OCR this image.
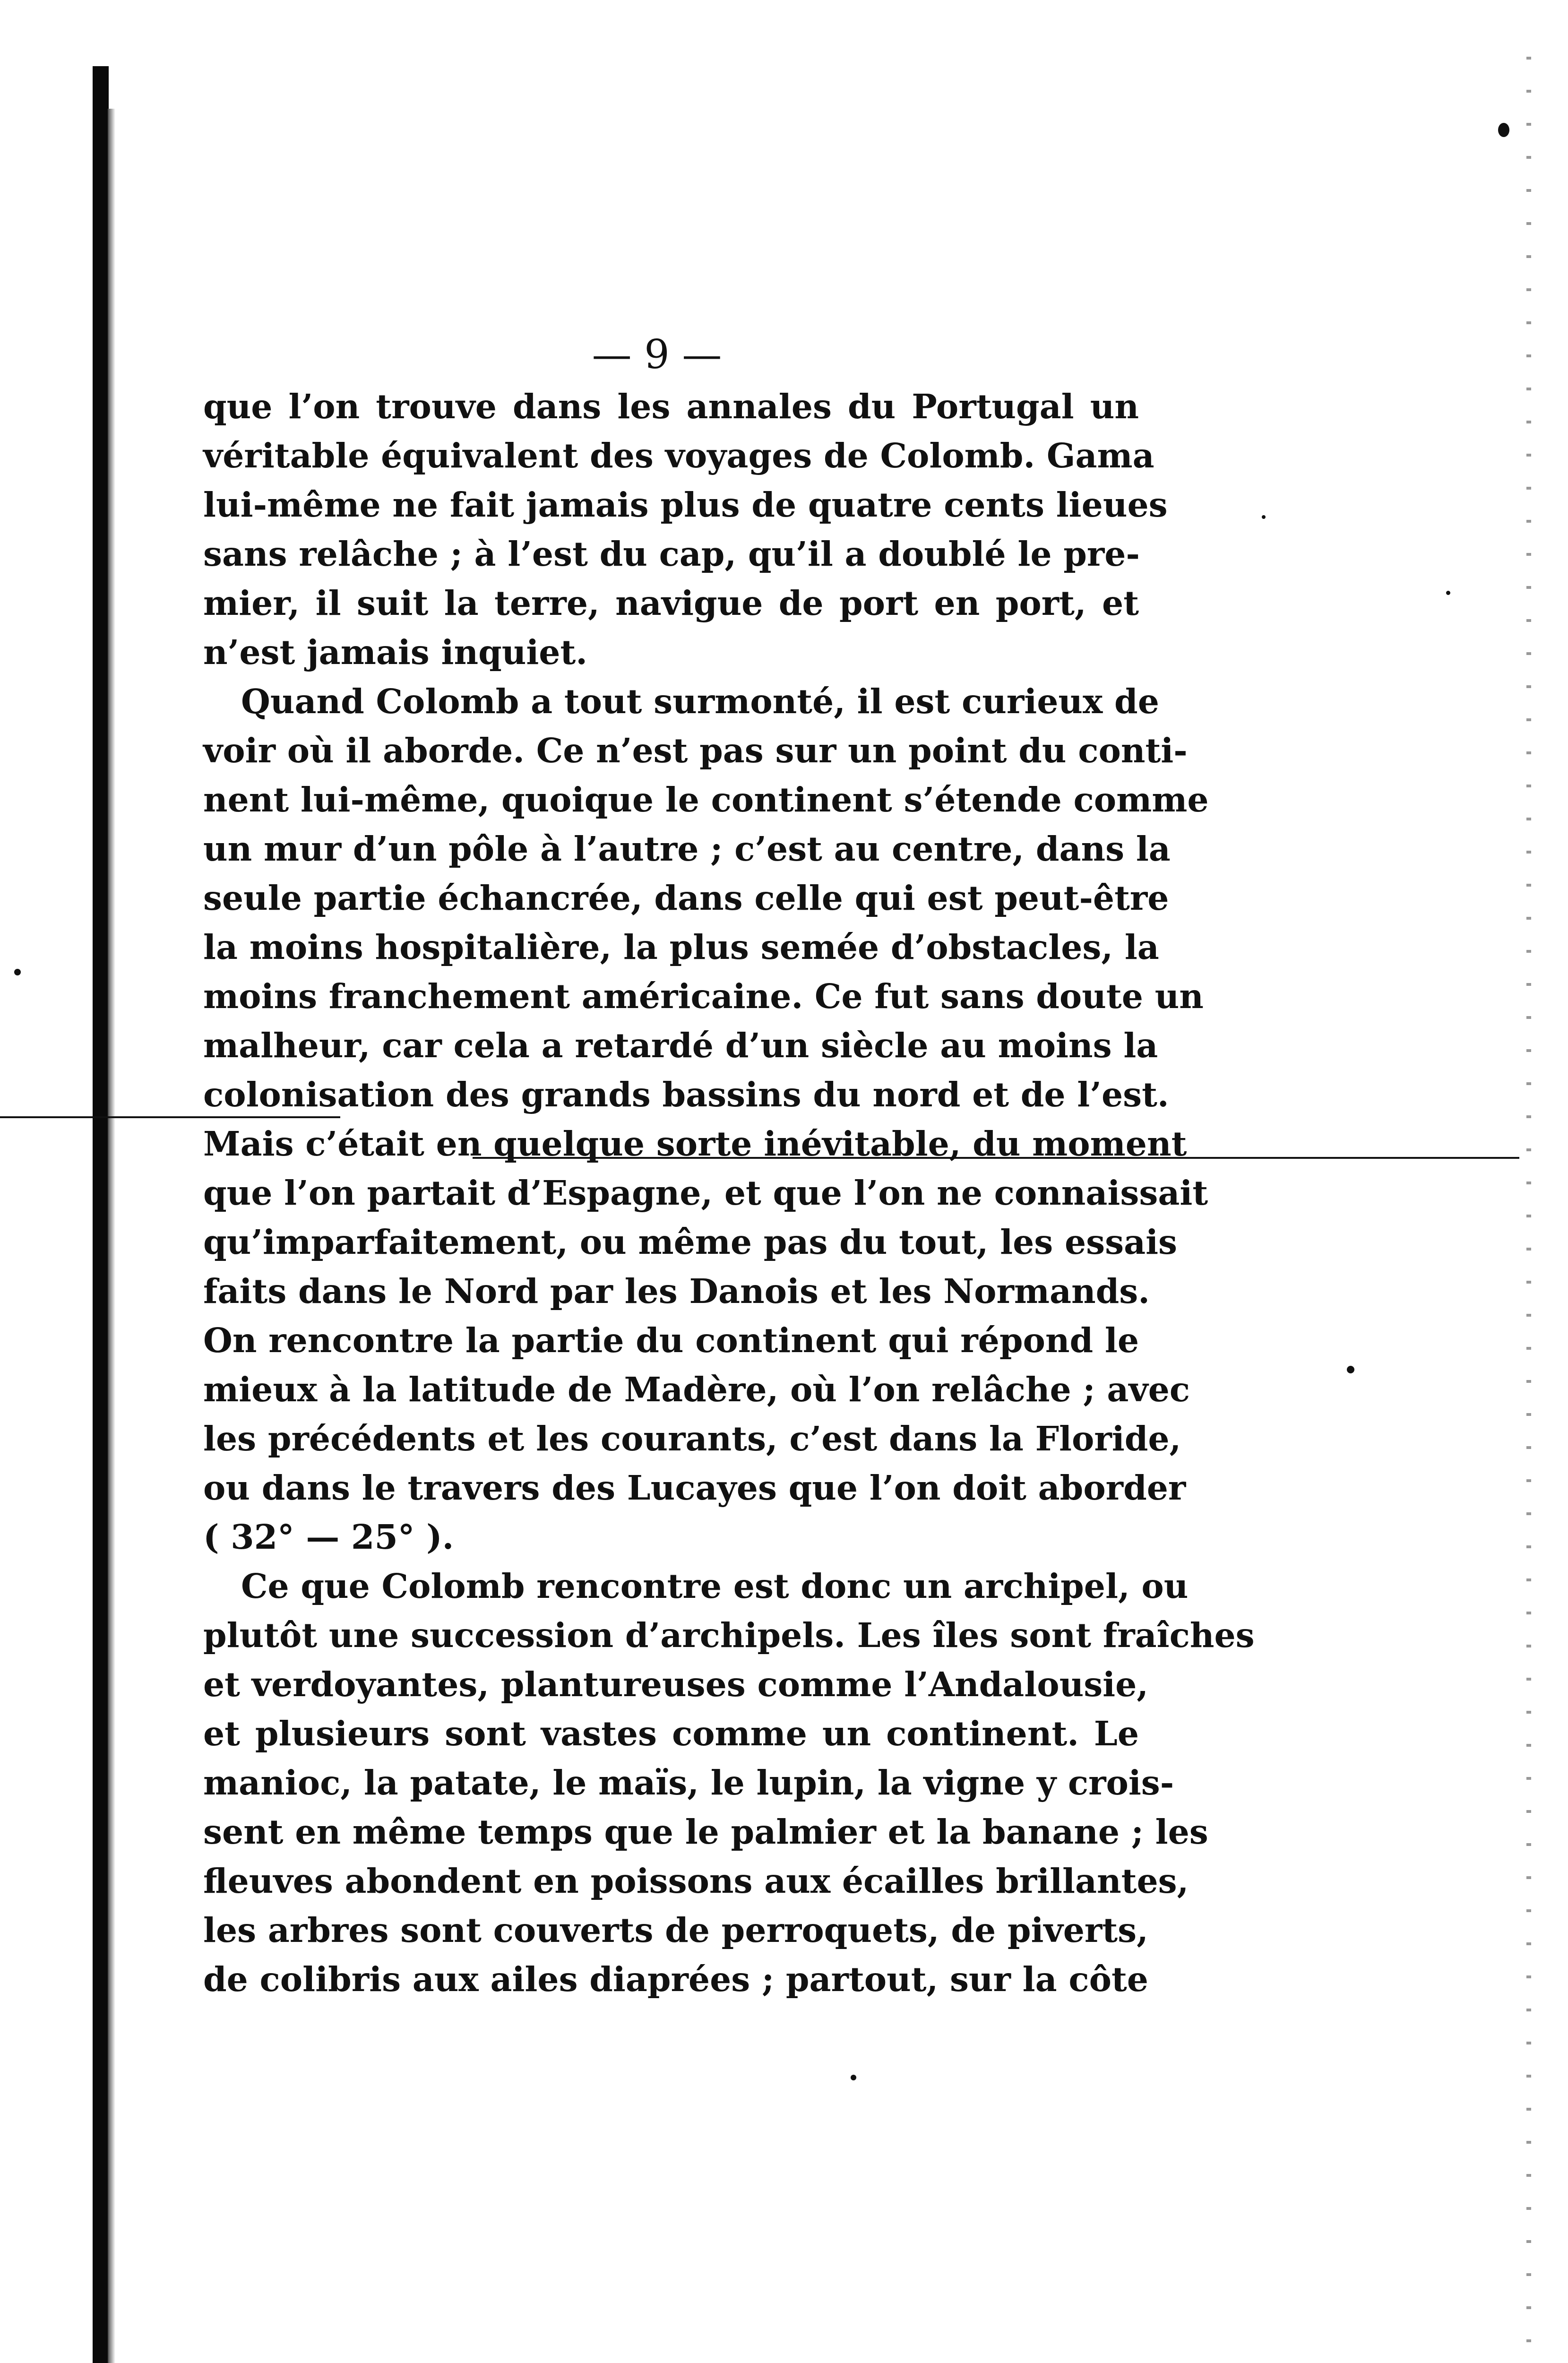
— 9 —
que l’on trouve dans les annales du Portugal un
véritable équivalent des voyages de Colomb. Gama
lui-même ne fait jamais plus de quatre cents lieues
sans relâche ; à l’est du cap, qu’il a doublé le pre-
mier, il suit la terre, navigue de port en port, et
n’est jamais inquiet.
Quand Colomb a tout surmonté, il est curieux de
voir où il aborde. Ce n’est pas sur un point du conti-
nent lui-même, quoique le continent s’étende comme
un mur d’un pôle à l’autre ; c’est au centre, dans la
seule partie échancrée, dans celle qui est peut-être
la moins hospitalière, la plus semée d’obstacles, la
moins franchement américaine. Ce fut sans doute un
malheur, car cela a retardé d’un siècle au moins la
colonisation des grands bassins du nord et de l’est.
Mais c’était en quelque sorte inévitable, du moment
que l’on partait d’Espagne, et que l’on ne connaissait
qu’imparfaitement, ou même pas du tout, les essais
faits dans le Nord par les Danois et les Normands.
On rencontre la partie du continent qui répond le
mieux à la latitude de Madère, où l’on relâche ; avec
les précédents et les courants, c’est dans la Floride,
ou dans le travers des Lucayes que l’on doit aborder
( 32° — 25° ).
Ce que Colomb rencontre est donc un archipel, ou
plutôt une succession d’archipels. Les îles sont fraîches
et verdoyantes, plantureuses comme l’Andalousie,
et plusieurs sont vastes comme un continent. Le
manioc, la patate, le maïs, le lupin, la vigne y crois-
sent en même temps que le palmier et la banane ; les
fleuves abondent en poissons aux écailles brillantes,
les arbres sont couverts de perroquets, de piverts,
de colibris aux ailes diaprées ; partout, sur la côte
